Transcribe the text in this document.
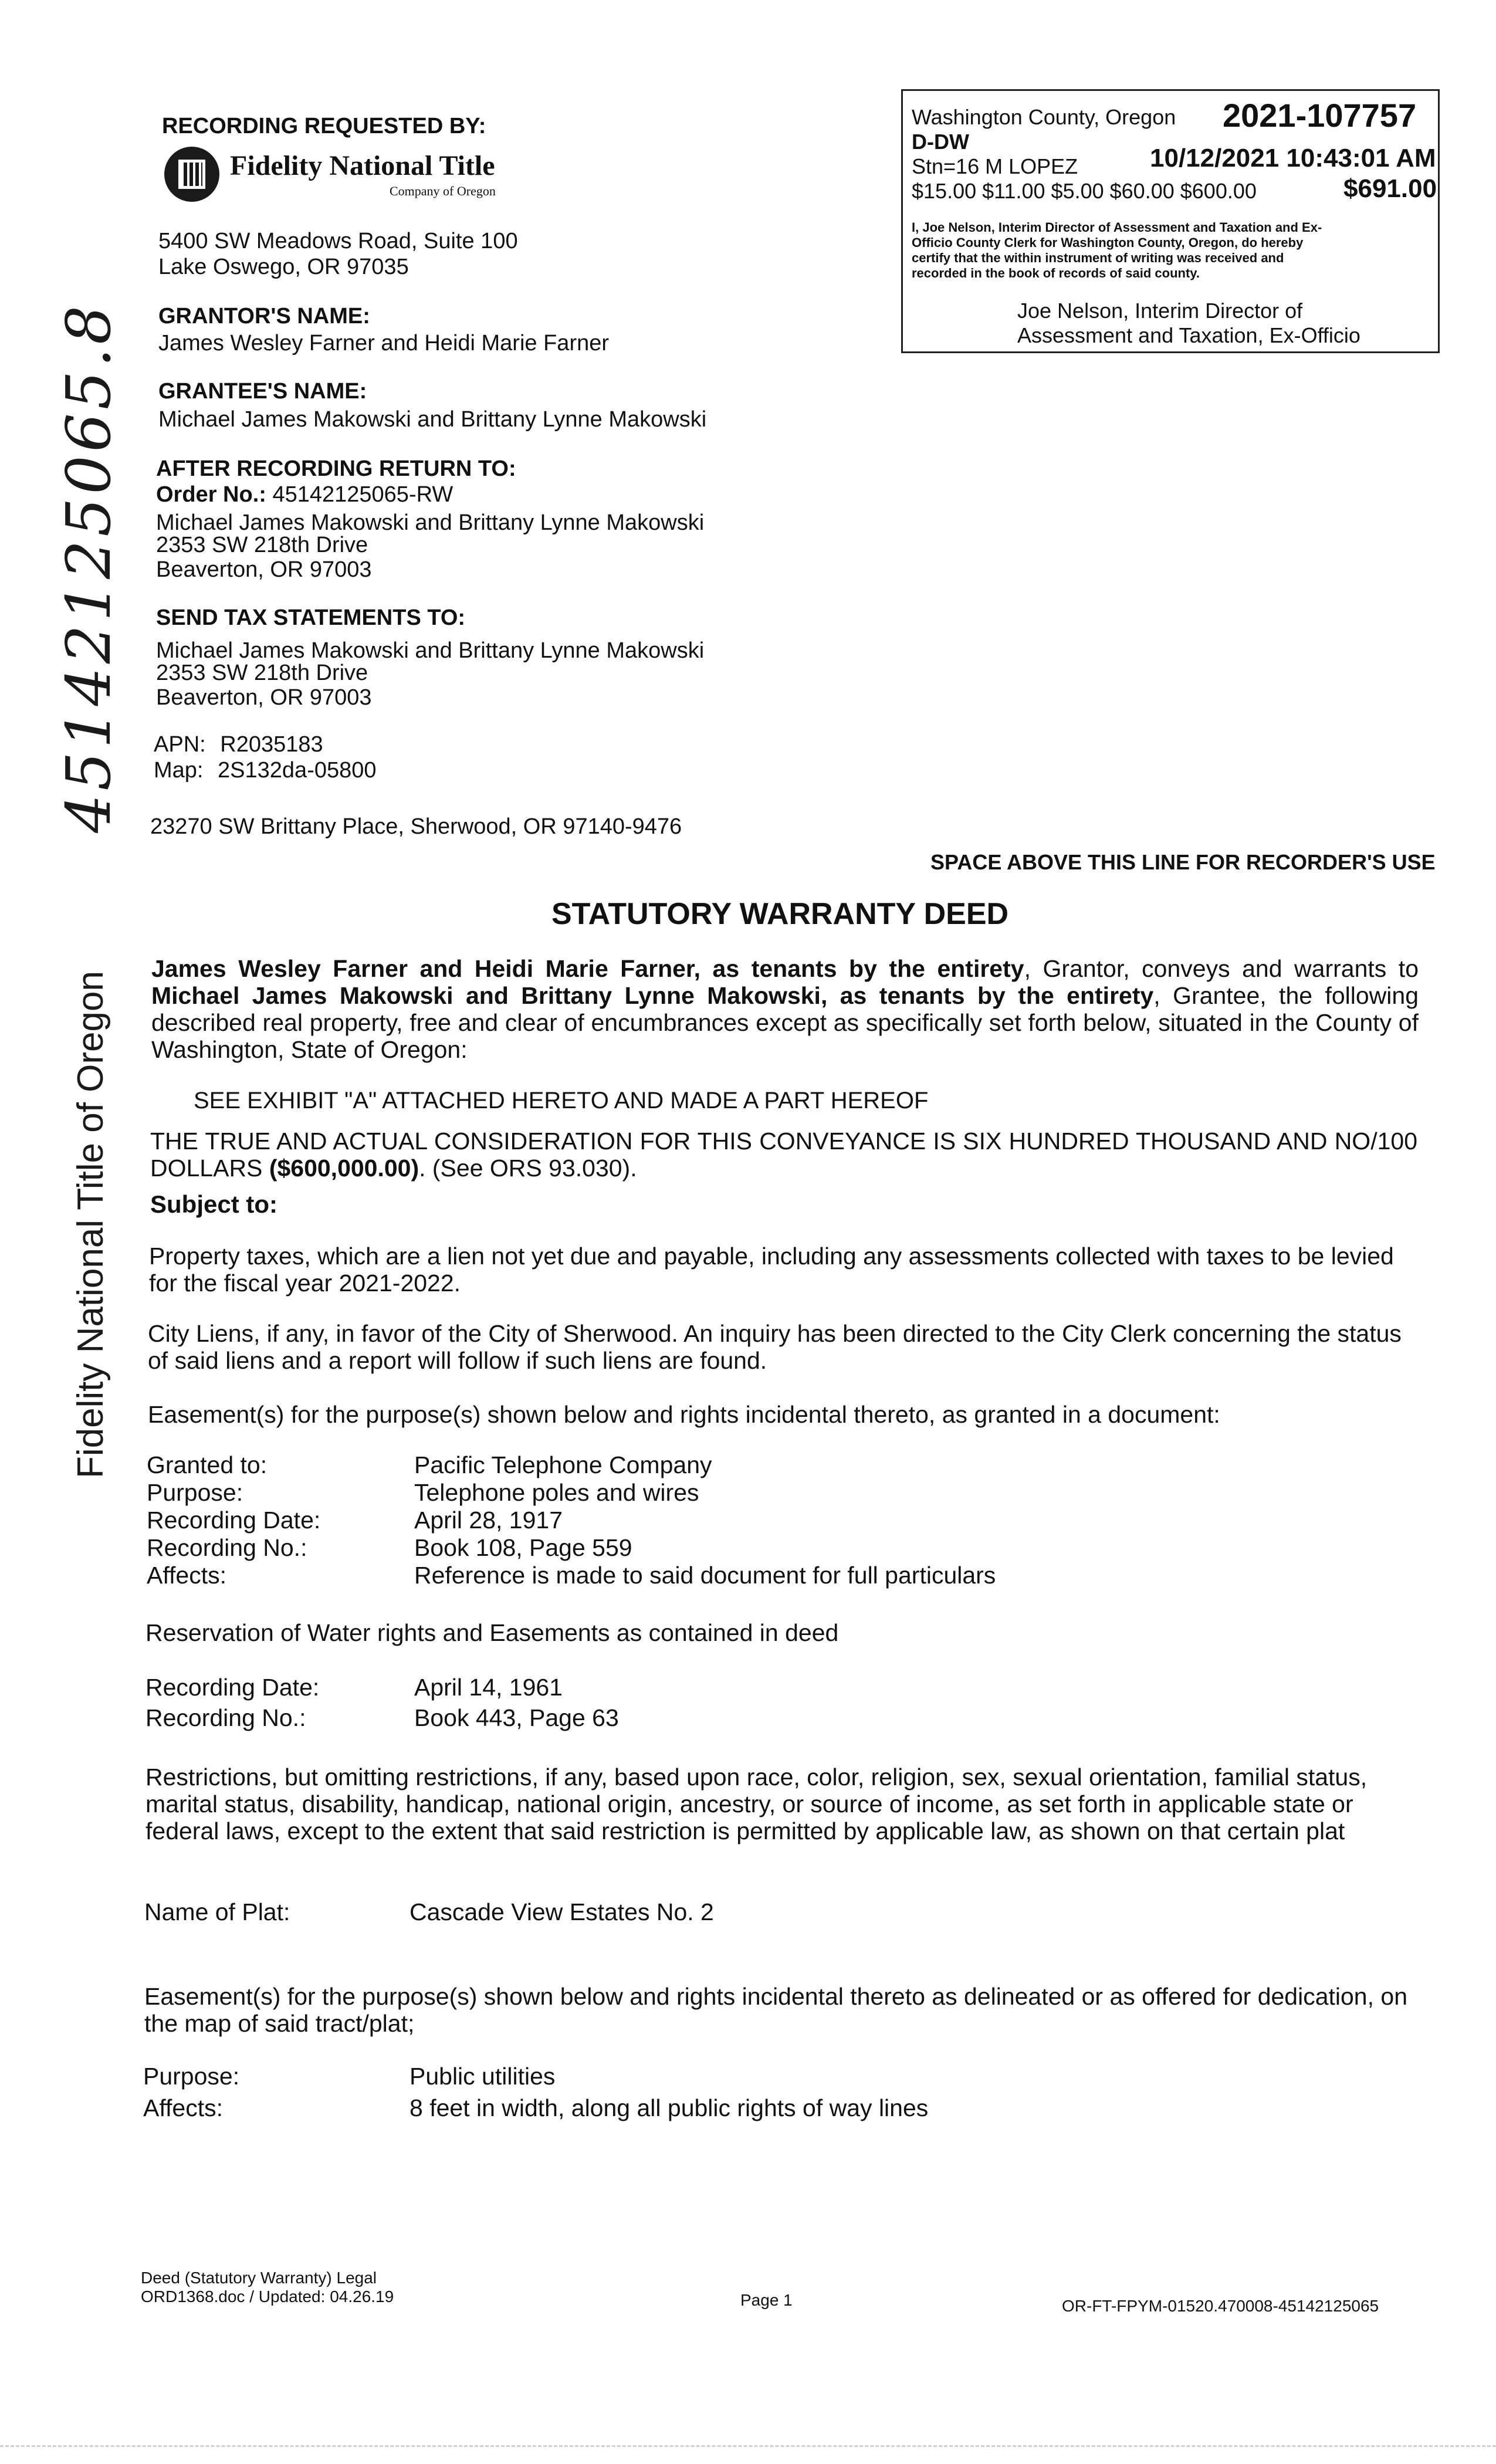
RECORDING REQUESTED BY:
Fidelity National Title
Company of Oregon
5400 SW Meadows Road, Suite 100
Lake Oswego, OR 97035
GRANTOR'S NAME:
James Wesley Farner and Heidi Marie Farner
GRANTEE'S NAME:
Michael James Makowski and Brittany Lynne Makowski
AFTER RECORDING RETURN TO:
Order No.: 45142125065-RW
Michael James Makowski and Brittany Lynne Makowski
2353 SW 218th Drive
Beaverton, OR 97003
SEND TAX STATEMENTS TO:
Michael James Makowski and Brittany Lynne Makowski
2353 SW 218th Drive
Beaverton, OR 97003
APN: R2035183
Map: 2S132da-05800
23270 SW Brittany Place, Sherwood, OR 97140-9476
Washington County, Oregon 2021-107757
D-DW
Stn=16 M LOPEZ	10/12/2021 10:43:01 AM
$15.00 $11.00 $5.00 $60.00 $600.00	$691.00
I, Joe Nelson, Interim Director of Assessment and Taxation and Ex-
Officio County Clerk for Washington County, Oregon, do hereby
certify that the within instrument of writing was received and
recorded in the book of records of said county.
Joe Nelson, Interim Director of
Assessment and Taxation, Ex-Officio
SPACE ABOVE THIS LINE FOR RECORDER'S USE
STATUTORY WARRANTY DEED
James Wesley Farner and Heidi Marie Farner, as tenants by the entirety, Grantor, conveys and warrants to Michael James Makowski and Brittany Lynne Makowski, as tenants by the entirety, Grantee, the following described real property, free and clear of encumbrances except as specifically set forth below, situated in the County of Washington, State of Oregon:
SEE EXHIBIT "A" ATTACHED HERETO AND MADE A PART HEREOF
THE TRUE AND ACTUAL CONSIDERATION FOR THIS CONVEYANCE IS SIX HUNDRED THOUSAND AND NO/100 DOLLARS ($600,000.00). (See ORS 93.030).
Subject to:
Property taxes, which are a lien not yet due and payable, including any assessments collected with taxes to be levied for the fiscal year 2021-2022.
City Liens, if any, in favor of the City of Sherwood. An inquiry has been directed to the City Clerk concerning the status of said liens and a report will follow if such liens are found.
Easement(s) for the purpose(s) shown below and rights incidental thereto, as granted in a document:
Granted to:	Pacific Telephone Company
Purpose:	Telephone poles and wires
Recording Date:	April 28, 1917
Recording No.:	Book 108, Page 559
Affects:	Reference is made to said document for full particulars
Reservation of Water rights and Easements as contained in deed
Recording Date:	April 14, 1961
Recording No.:	Book 443, Page 63
Restrictions, but omitting restrictions, if any, based upon race, color, religion, sex, sexual orientation, familial status, marital status, disability, handicap, national origin, ancestry, or source of income, as set forth in applicable state or federal laws, except to the extent that said restriction is permitted by applicable law, as shown on that certain plat
Name of Plat:	Cascade View Estates No. 2
Easement(s) for the purpose(s) shown below and rights incidental thereto as delineated or as offered for dedication, on the map of said tract/plat;
Purpose:	Public utilities
Affects:	8 feet in width, along all public rights of way lines
Deed (Statutory Warranty) Legal
ORD1368.doc / Updated: 04.26.19	Page 1	OR-FT-FPYM-01520.470008-45142125065
Fidelity National Title of Oregon
45142125065.8
